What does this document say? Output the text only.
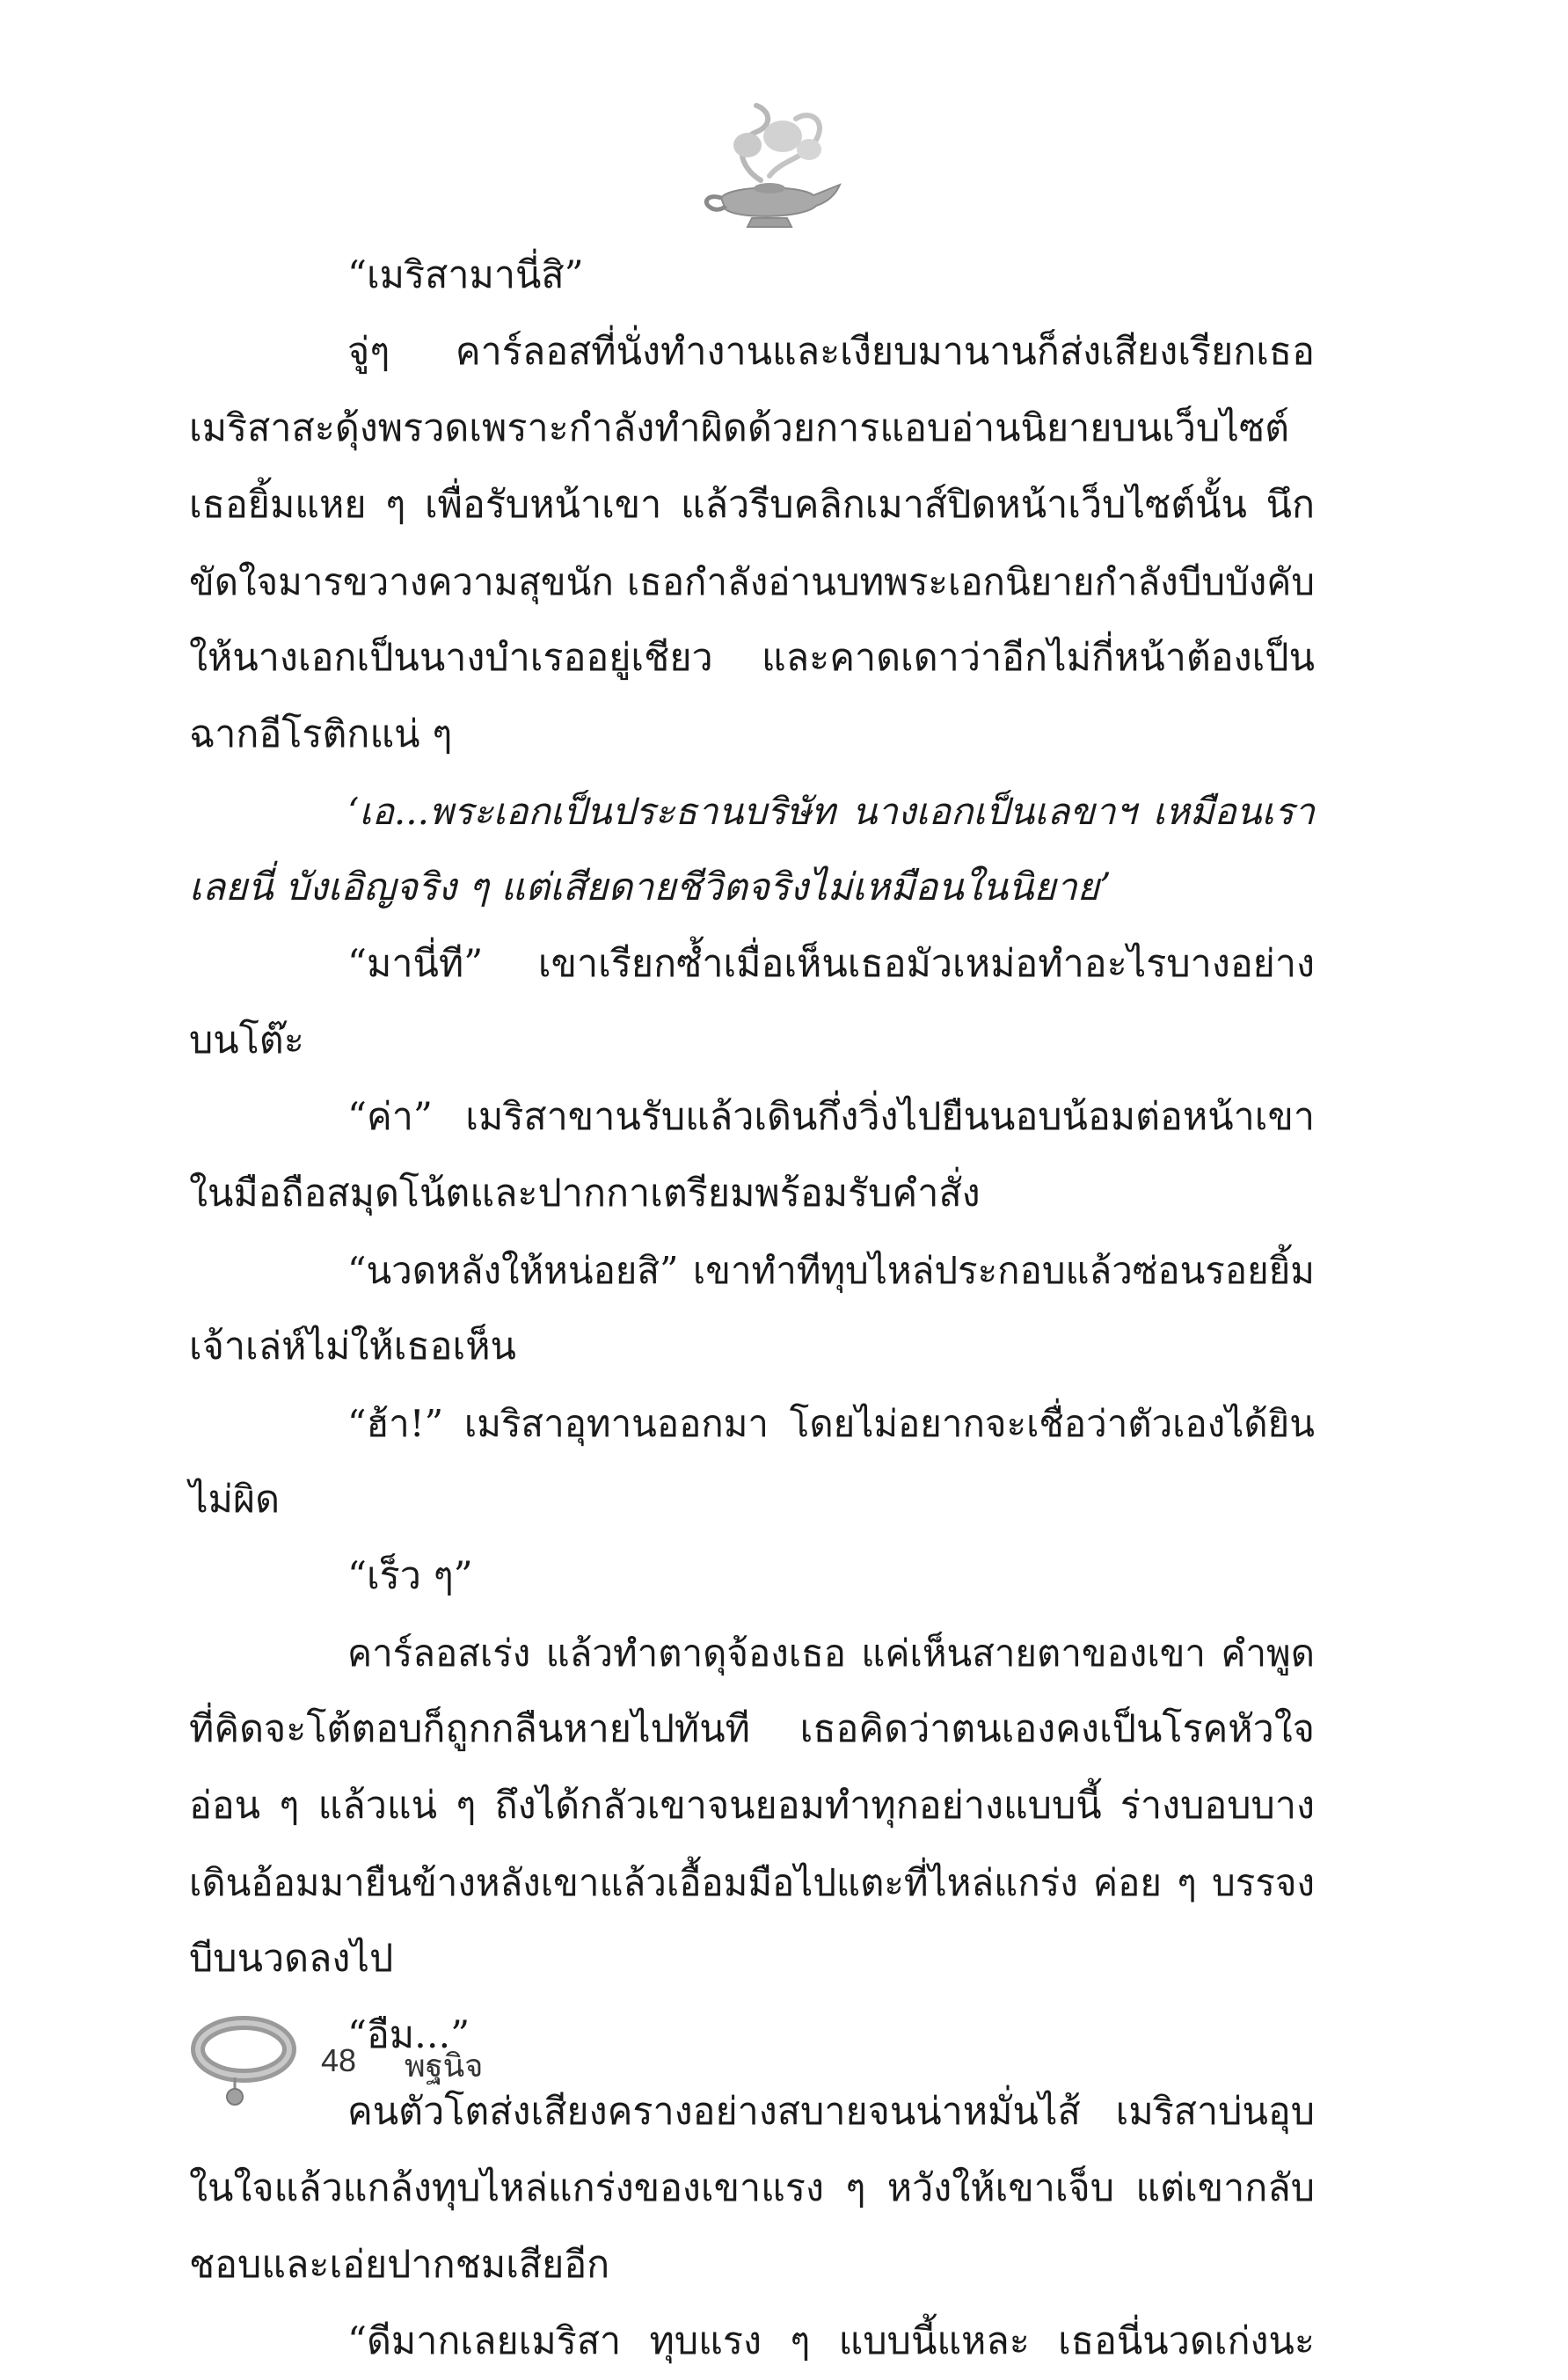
“เมริสามานี่สิ”
จู่ๆ คาร์ลอสที่นั่งทำงานและเงียบมานานก็ส่งเสียงเรียกเธอ
เมริสาสะดุ้งพรวดเพราะกำลังทำผิดด้วยการแอบอ่านนิยายบนเว็บไซต์
เธอยิ้มแหย ๆ เพื่อรับหน้าเขา แล้วรีบคลิกเมาส์ปิดหน้าเว็บไซต์นั้น นึก
ขัดใจมารขวางความสุขนัก เธอกำลังอ่านบทพระเอกนิยายกำลังบีบบังคับ
ให้นางเอกเป็นนางบำเรออยู่เชียว และคาดเดาว่าอีกไม่กี่หน้าต้องเป็น
ฉากอีโรติกแน่ ๆ
‘เอ...พระเอกเป็นประธานบริษัท นางเอกเป็นเลขาฯ เหมือนเรา
เลยนี่ บังเอิญจริง ๆ แต่เสียดายชีวิตจริงไม่เหมือนในนิยาย’
“มานี่ที” เขาเรียกซ้ำเมื่อเห็นเธอมัวเหม่อทำอะไรบางอย่าง
บนโต๊ะ
“ค่า” เมริสาขานรับแล้วเดินกึ่งวิ่งไปยืนนอบน้อมต่อหน้าเขา
ในมือถือสมุดโน้ตและปากกาเตรียมพร้อมรับคำสั่ง
“นวดหลังให้หน่อยสิ” เขาทำทีทุบไหล่ประกอบแล้วซ่อนรอยยิ้ม
เจ้าเล่ห์ไม่ให้เธอเห็น
“ฮ้า!” เมริสาอุทานออกมา โดยไม่อยากจะเชื่อว่าตัวเองได้ยิน
ไม่ผิด
“เร็ว ๆ”
คาร์ลอสเร่ง แล้วทำตาดุจ้องเธอ แค่เห็นสายตาของเขา คำพูด
ที่คิดจะโต้ตอบก็ถูกกลืนหายไปทันที เธอคิดว่าตนเองคงเป็นโรคหัวใจ
อ่อน ๆ แล้วแน่ ๆ ถึงได้กลัวเขาจนยอมทำทุกอย่างแบบนี้ ร่างบอบบาง
เดินอ้อมมายืนข้างหลังเขาแล้วเอื้อมมือไปแตะที่ไหล่แกร่ง ค่อย ๆ บรรจง
บีบนวดลงไป
“อืม...”
คนตัวโตส่งเสียงครางอย่างสบายจนน่าหมั่นไส้ เมริสาบ่นอุบ
ในใจแล้วแกล้งทุบไหล่แกร่งของเขาแรง ๆ หวังให้เขาเจ็บ แต่เขากลับ
ชอบและเอ่ยปากชมเสียอีก
“ดีมากเลยเมริสา ทุบแรง ๆ แบบนี้แหละ เธอนี่นวดเก่งนะ
48 พฐนิจ
